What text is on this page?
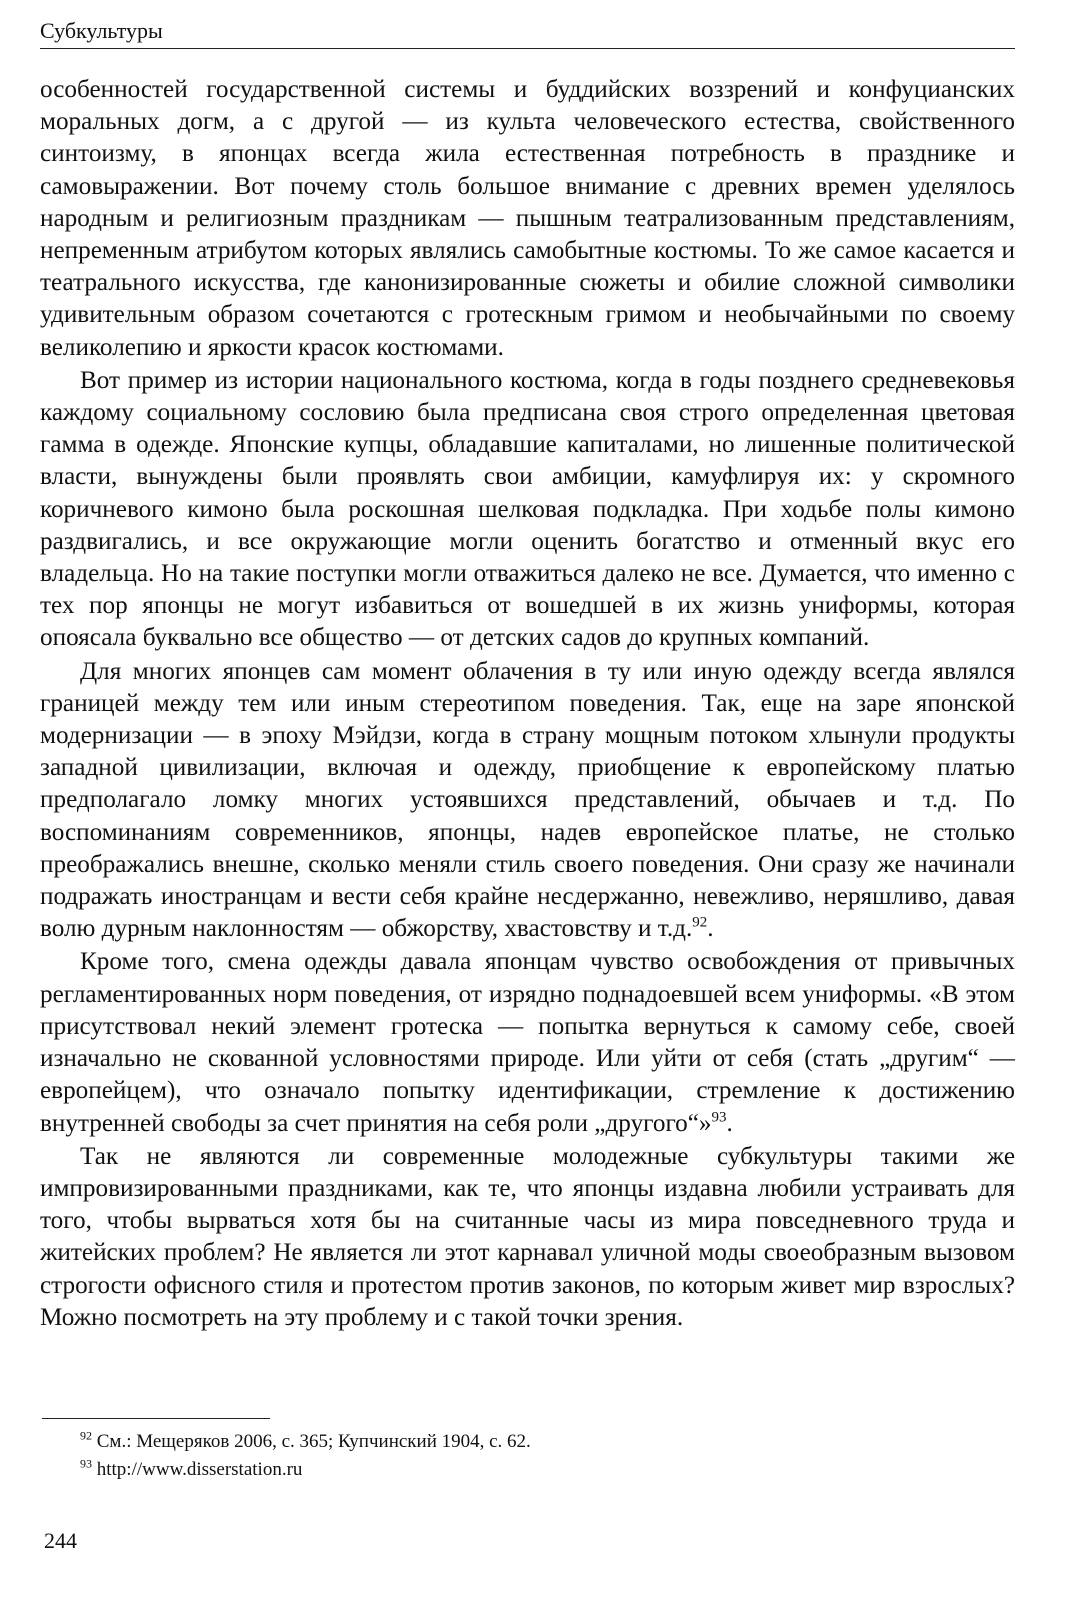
Субкультуры

особенностей государственной системы и буддийских воззрений и конфуцианских моральных догм, а с другой — из культа человеческого естества, свойственного синтоизму, в японцах всегда жила естественная потребность в празднике и самовыражении. Вот почему столь большое внимание с древних времен уделялось народным и религиозным праздникам — пышным театрализованным представлениям, непременным атрибутом которых являлись самобытные костюмы. То же самое касается и театрального искусства, где канонизированные сюжеты и обилие сложной символики удивительным образом сочетаются с гротескным гримом и необычайными по своему великолепию и яркости красок костюмами.

Вот пример из истории национального костюма, когда в годы позднего средневековья каждому социальному сословию была предписана своя строго определенная цветовая гамма в одежде. Японские купцы, обладавшие капиталами, но лишенные политической власти, вынуждены были проявлять свои амбиции, камуфлируя их: у скромного коричневого кимоно была роскошная шелковая подкладка. При ходьбе полы кимоно раздвигались, и все окружающие могли оценить богатство и отменный вкус его владельца. Но на такие поступки могли отважиться далеко не все. Думается, что именно с тех пор японцы не могут избавиться от вошедшей в их жизнь униформы, которая опоясала буквально все общество — от детских садов до крупных компаний.

Для многих японцев сам момент облачения в ту или иную одежду всегда являлся границей между тем или иным стереотипом поведения. Так, еще на заре японской модернизации — в эпоху Мэйдзи, когда в страну мощным потоком хлынули продукты западной цивилизации, включая и одежду, приобщение к европейскому платью предполагало ломку многих устоявшихся представлений, обычаев и т.д. По воспоминаниям современников, японцы, надев европейское платье, не столько преображались внешне, сколько меняли стиль своего поведения. Они сразу же начинали подражать иностранцам и вести себя крайне несдержанно, невежливо, неряшливо, давая волю дурным наклонностям — обжорству, хвастовству и т.д.$^{92}$.

Кроме того, смена одежды давала японцам чувство освобождения от привычных регламентированных норм поведения, от изрядно поднадоевшей всем униформы. «В этом присутствовал некий элемент гротеска — попытка вернуться к самому себе, своей изначально не скованной условностями природе. Или уйти от себя (стать „другим“ — европейцем), что означало попытку идентификации, стремление к достижению внутренней свободы за счет принятия на себя роли „другого“»$^{93}$.

Так не являются ли современные молодежные субкультуры такими же импровизированными праздниками, как те, что японцы издавна любили устраивать для того, чтобы вырваться хотя бы на считанные часы из мира повседневного труда и житейских проблем? Не является ли этот карнавал уличной моды своеобразным вызовом строгости офисного стиля и протестом против законов, по которым живет мир взрослых? Можно посмотреть на эту проблему и с такой точки зрения.

$^{92}$ См.: Мещеряков 2006, с. 365; Купчинский 1904, с. 62.

$^{93}$ http://www.disserstation.ru

244
